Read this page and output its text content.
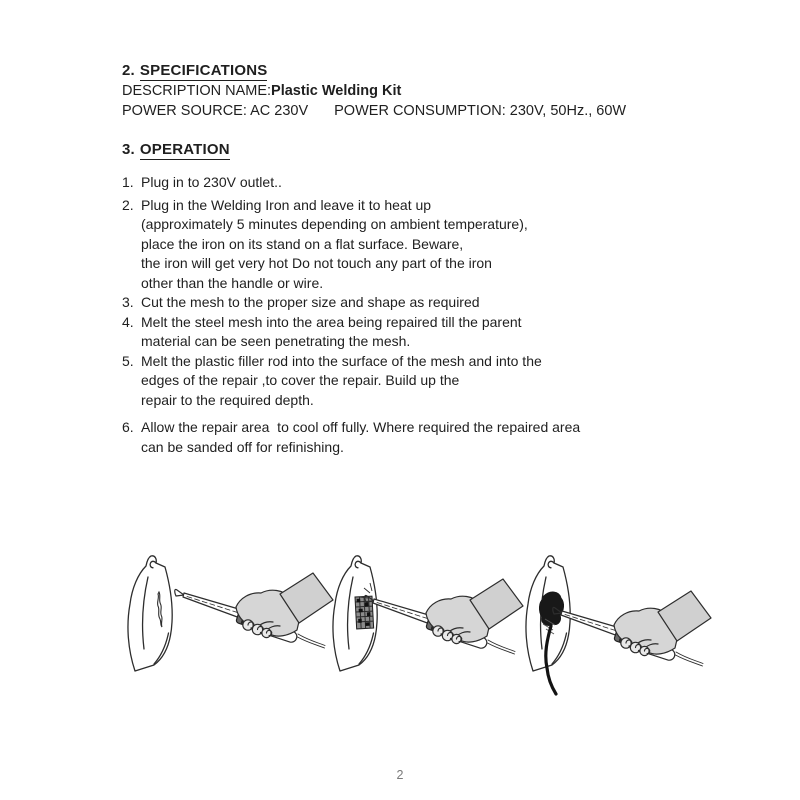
2. SPECIFICATIONS
DESCRIPTION NAME:Plastic Welding Kit
POWER SOURCE: AC 230V POWER CONSUMPTION: 230V, 50Hz., 60W
3. OPERATION
1. Plug in to 230V outlet..
2. Plug in the Welding Iron and leave it to heat up
(approximately 5 minutes depending on ambient temperature),
place the iron on its stand on a flat surface. Beware,
the iron will get very hot Do not touch any part of the iron
other than the handle or wire.
3. Cut the mesh to the proper size and shape as required
4. Melt the steel mesh into the area being repaired till the parent
material can be seen penetrating the mesh.
5. Melt the plastic filler rod into the surface of the mesh and into the
edges of the repair ,to cover the repair. Build up the
repair to the required depth.
6. Allow the repair area  to cool off fully. Where required the repaired area
can be sanded off for refinishing.
2
